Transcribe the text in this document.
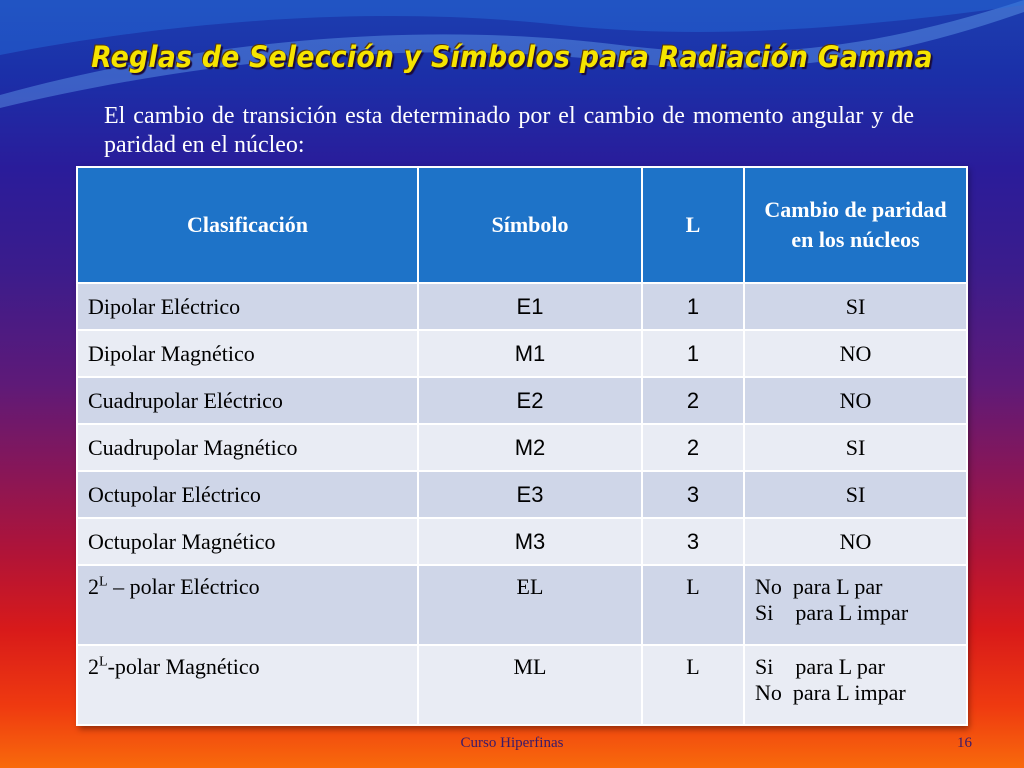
Reglas de Selección y Símbolos para Radiación Gamma
El cambio de transición esta determinado por el cambio de momento angular y de paridad en el núcleo:
Clasificación	Símbolo	L	Cambio de paridad en los núcleos
Dipolar Eléctrico	E1	1	SI
Dipolar Magnético	M1	1	NO
Cuadrupolar Eléctrico	E2	2	NO
Cuadrupolar Magnético	M2	2	SI
Octupolar Eléctrico	E3	3	SI
Octupolar Magnético	M3	3	NO
$2^L$ – polar Eléctrico	EL	L	No  para L par
Si    para L impar

$2^L$-polar Magnético	ML	L	Si    para L par
No  para L impar
Curso Hiperfinas	16
